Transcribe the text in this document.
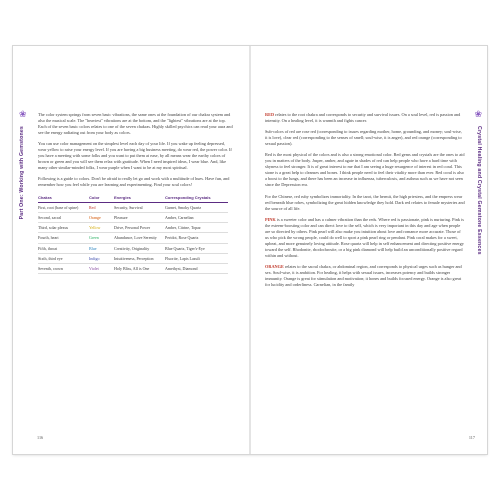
❀
Part One: Working with Gemstones

The color system springs from seven basic vibrations, the same ones at the foundation of our chakra system and also the musical scale. The "heaviest" vibrations are at the bottom, and the "lightest" vibrations are at the top. Each of the seven basic colors relates to one of the seven chakras. Highly skilled psychics can read your aura and see the energy radiating out from your body as colors.

You can use color management on the simplest level each day of your life. If you wake up feeling depressed, wear yellow to raise your energy level. If you are having a big business meeting, do wear red, the power color. If you have a meeting with some folks and you want to put them at ease, by all means wear the earthy colors of brown or green and you will see them relax with gratitude. When I need inspired ideas, I wear blue. And, like many other similar-minded folks, I wear purple when I want to be at my most spiritual.

Following is a guide to colors. Don't be afraid to really let go and work with a multitude of hues. Have fun, and remember how you feel while you are learning and experimenting. Find your soul colors!

Chakra	Color	Energies	Corresponding Crystals
First, root (base of spine)	Red	Security, Survival	Garnet, Smoky Quartz
Second, sacral	Orange	Pleasure	Amber, Carnelian
Third, solar plexus	Yellow	Drive, Personal Power	Amber, Citrine, Topaz
Fourth, heart	Green	Abundance, Love Serenity	Peridot, Rose Quartz
Fifth, throat	Blue	Creativity, Originality	Blue Quartz, Tiger's-Eye
Sixth, third eye	Indigo	Intuitiveness, Perception	Fluorite, Lapis Lazuli
Seventh, crown	Violet	Holy Bliss, All is One	Amethyst, Diamond
116
❀
Crystal Healing and Crystal Gemstone Essences

RED relates to the root chakra and corresponds to security and survival issues. On a soul level, red is passion and intensity. On a healing level, it is warmth and fights cancer.

Sub-colors of red are rose red (corresponding to issues regarding mother, home, grounding, and money; soul-wise, it is love), clear red (corresponding to the senses of smell; soul-wise, it is anger), and red orange (corresponding to sexual passion).

Red is the most physical of the colors and is also a strong emotional color. Red gems and crystals are the ones to aid you in matters of the body. Jasper, amber, and agate in shades of red can help people who have a hard time with shyness to feel stronger. It is of great interest to me that I am seeing a huge resurgence of interest in red coral. This stone is a great help to cleanses and bones. I think people need to feel their vitality more than ever. Red coral is also a boost to the lungs, and there has been an increase in influenza, tuberculosis, and asthma such as we have not seen since the Depression era.

For the Chinese, red ruby symbolizes immortality. In the tarot, the hermit, the high priestess, and the empress wear red beneath blue robes, symbolizing the great hidden knowledge they hold. Dark red relates to female mysteries and the source of all life.

PINK is a sweeter color and has a calmer vibration than the reds. Where red is passionate, pink is nurturing. Pink is the esteem-boosting color and can direct love to the self, which is very important in this day and age when people are so directed by others. Pink pearl will also make you intuition about love and romance more accurate. Those of us who pick the wrong people, could do well to sport a pink pearl ring or pendant. Pink coral makes for a sweet, upbeat, and more genuinely loving attitude. Rose quartz will help in self enhancement and directing positive energy toward the self. Rhodonite, rhodochrosite, or a big pink diamond will help build an unconditionally positive regard within and without.

ORANGE relates to the sacral chakra, or abdominal region, and corresponds to physical urges such as hunger and sex. Soul-wise, it is ambition. For healing, it helps with sexual issues, increases potency and builds stronger immunity. Orange is great for stimulation and motivation; it hones and builds focused energy. Orange is also great for lucidity and orderliness. Carnelian, in the family

117
